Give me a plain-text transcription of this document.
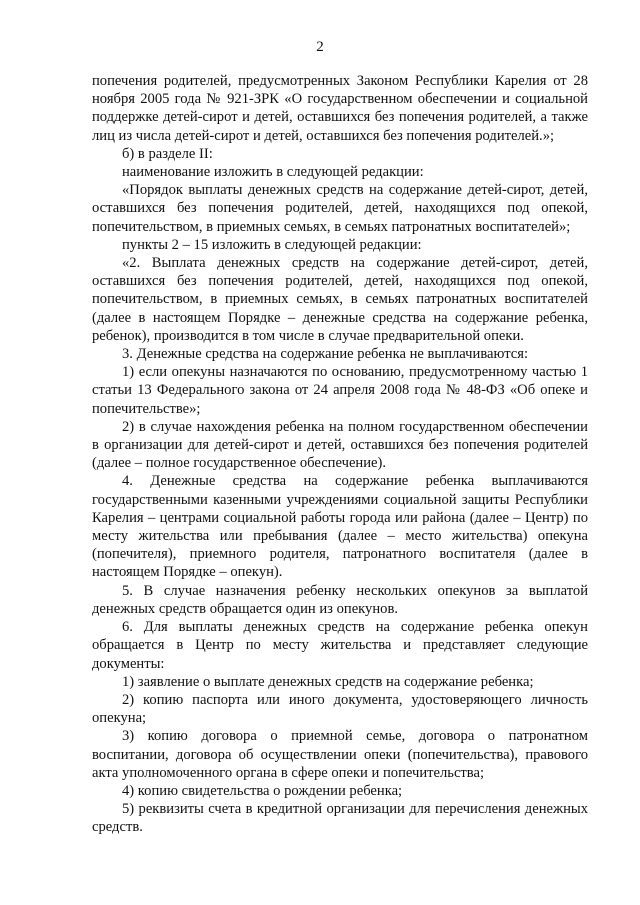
2

попечения родителей, предусмотренных Законом Республики Карелия от 28 ноября 2005 года № 921-ЗРК «О государственном обеспечении и социальной поддержке детей-сирот и детей, оставшихся без попечения родителей, а также лиц из числа детей-сирот и детей, оставшихся без попечения родителей.»;

б) в разделе II:

наименование изложить в следующей редакции:

«Порядок выплаты денежных средств на содержание детей-сирот, детей, оставшихся без попечения родителей, детей, находящихся под опекой, попечительством, в приемных семьях, в семьях патронатных воспитателей»;

пункты 2 – 15 изложить в следующей редакции:

«2. Выплата денежных средств на содержание детей-сирот, детей, оставшихся без попечения родителей, детей, находящихся под опекой, попечительством, в приемных семьях, в семьях патронатных воспитателей (далее в настоящем Порядке – денежные средства на содержание ребенка, ребенок), производится в том числе в случае предварительной опеки.

3. Денежные средства на содержание ребенка не выплачиваются:

1) если опекуны назначаются по основанию, предусмотренному частью 1 статьи 13 Федерального закона от 24 апреля 2008 года № 48-ФЗ «Об опеке и попечительстве»;

2) в случае нахождения ребенка на полном государственном обеспечении в организации для детей-сирот и детей, оставшихся без попечения родителей (далее – полное государственное обеспечение).

4. Денежные средства на содержание ребенка выплачиваются государственными казенными учреждениями социальной защиты Республики Карелия – центрами социальной работы города или района (далее – Центр) по месту жительства или пребывания (далее – место жительства) опекуна (попечителя), приемного родителя, патронатного воспитателя (далее в настоящем Порядке – опекун).

5. В случае назначения ребенку нескольких опекунов за выплатой денежных средств обращается один из опекунов.

6. Для выплаты денежных средств на содержание ребенка опекун обращается в Центр по месту жительства и представляет следующие документы:

1) заявление о выплате денежных средств на содержание ребенка;

2) копию паспорта или иного документа, удостоверяющего личность опекуна;

3) копию договора о приемной семье, договора о патронатном воспитании, договора об осуществлении опеки (попечительства), правового акта уполномоченного органа в сфере опеки и попечительства;

4) копию свидетельства о рождении ребенка;

5) реквизиты счета в кредитной организации для перечисления денежных средств.
